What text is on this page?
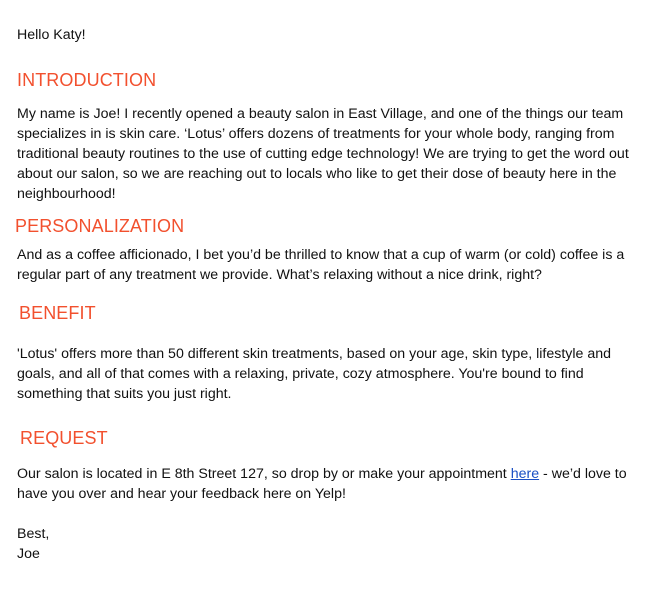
Hello Katy!

INTRODUCTION

My name is Joe! I recently opened a beauty salon in East Village, and one of the things our team specializes in is skin care. ‘Lotus’ offers dozens of treatments for your whole body, ranging from traditional beauty routines to the use of cutting edge technology! We are trying to get the word out about our salon, so we are reaching out to locals who like to get their dose of beauty here in the neighbourhood!

PERSONALIZATION

And as a coffee afficionado, I bet you’d be thrilled to know that a cup of warm (or cold) coffee is a regular part of any treatment we provide. What’s relaxing without a nice drink, right?

BENEFIT

'Lotus' offers more than 50 different skin treatments, based on your age, skin type, lifestyle and goals, and all of that comes with a relaxing, private, cozy atmosphere. You're bound to find something that suits you just right.

REQUEST

Our salon is located in E 8th Street 127, so drop by or make your appointment here - we’d love to have you over and hear your feedback here on Yelp!

Best,

Joe
